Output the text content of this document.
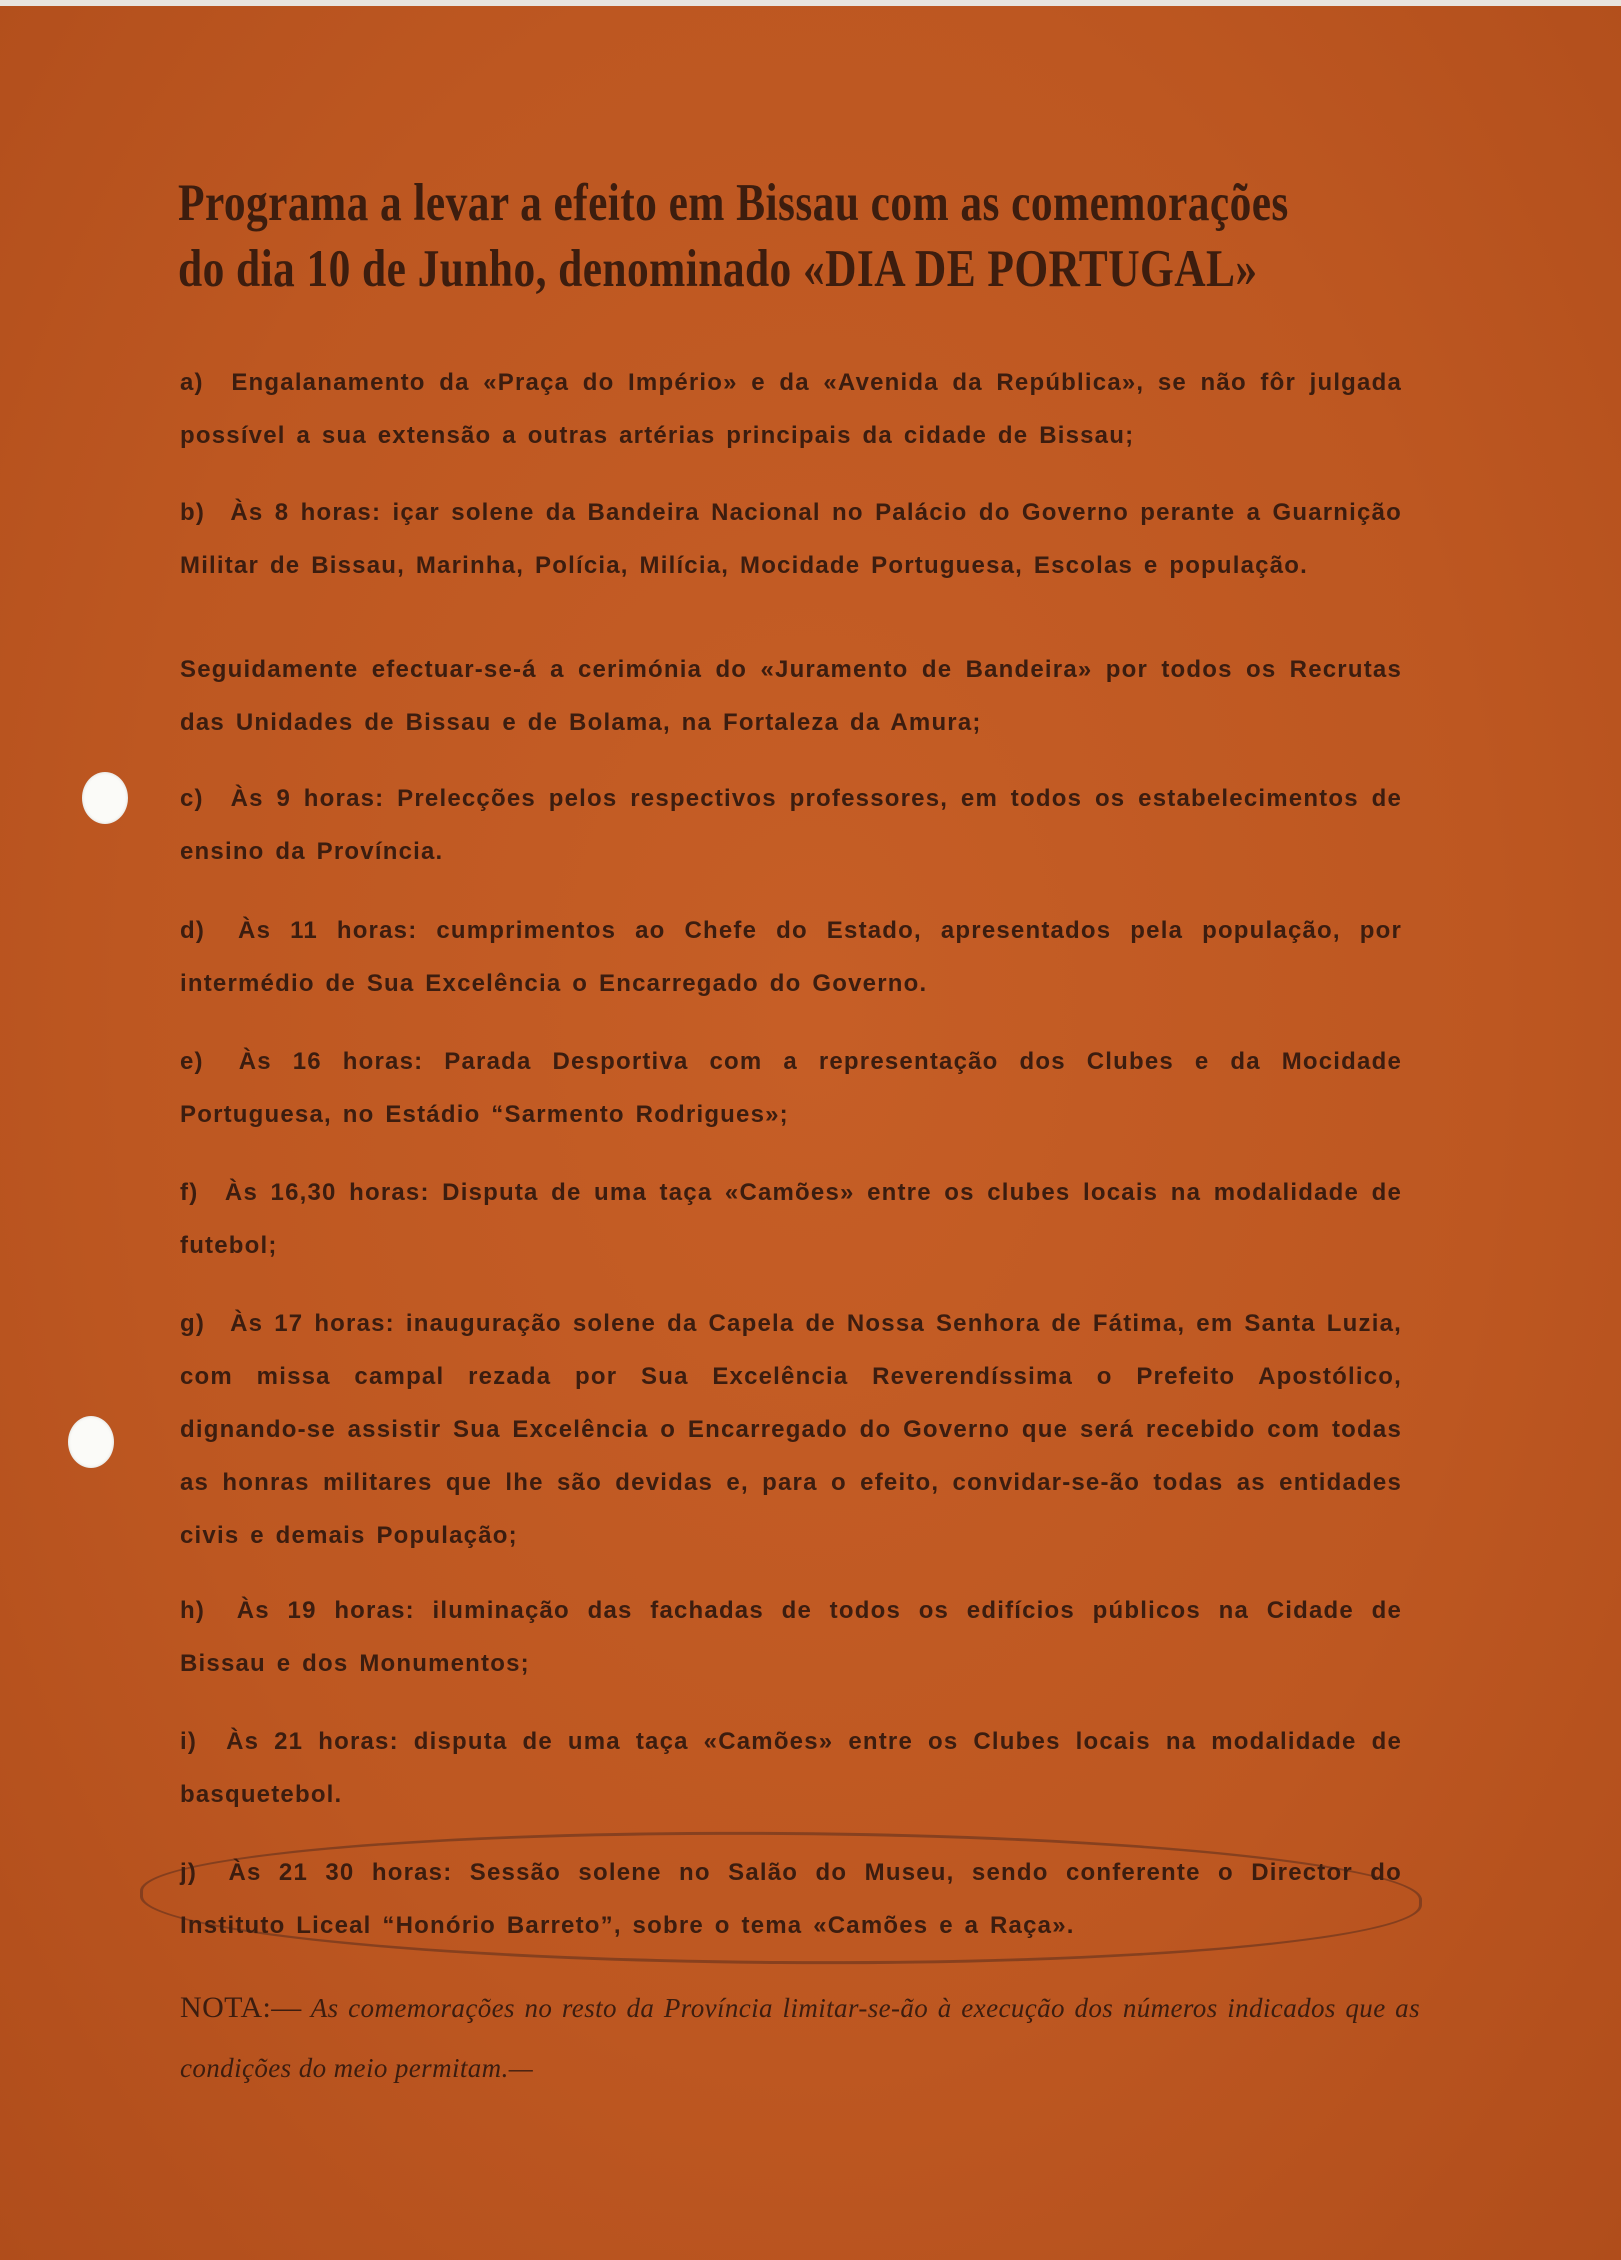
Programa a levar a efeito em Bissau com as comemorações
do dia 10 de Junho, denominado «DIA DE PORTUGAL»
a) Engalanamento da «Praça do Império» e da «Avenida da República», se não fôr julgada possível a sua extensão a outras artérias principais da cidade de Bissau;
b) Às 8 horas: içar solene da Bandeira Nacional no Palácio do Governo perante a Guarnição Militar de Bissau, Marinha, Polícia, Milícia, Mocidade Portuguesa, Escolas e população.
Seguidamente efectuar-se-á a cerimónia do «Juramento de Bandeira» por todos os Recrutas das Unidades de Bissau e de Bolama, na Fortaleza da Amura;
c) Às 9 horas: Prelecções pelos respectivos professores, em todos os estabelecimentos de ensino da Província.
d) Às 11 horas: cumprimentos ao Chefe do Estado, apresentados pela população, por intermédio de Sua Excelência o Encarregado do Governo.
e) Às 16 horas: Parada Desportiva com a representação dos Clubes e da Mocidade Portuguesa, no Estádio “Sarmento Rodrigues»;
f) Às 16,30 horas: Disputa de uma taça «Camões» entre os clubes locais na modalidade de futebol;
g) Às 17 horas: inauguração solene da Capela de Nossa Senhora de Fátima, em Santa Luzia, com missa campal rezada por Sua Excelência Reverendíssima o Prefeito Apostólico, dignando-se assistir Sua Excelência o Encarregado do Governo que será recebido com todas as honras militares que lhe são devidas e, para o efeito, convidar-se-ão todas as entidades civis e demais População;
h) Às 19 horas: iluminação das fachadas de todos os edifícios públicos na Cidade de Bissau e dos Monumentos;
i) Às 21 horas: disputa de uma taça «Camões» entre os Clubes locais na modalidade de basquetebol.
j) Às 21 30 horas: Sessão solene no Salão do Museu, sendo conferente o Director do Instituto Liceal “Honório Barreto”, sobre o tema «Camões e a Raça».
NOTA:— As comemorações no resto da Província limitar-se-ão à execução dos números indicados que as condições do meio permitam.—
